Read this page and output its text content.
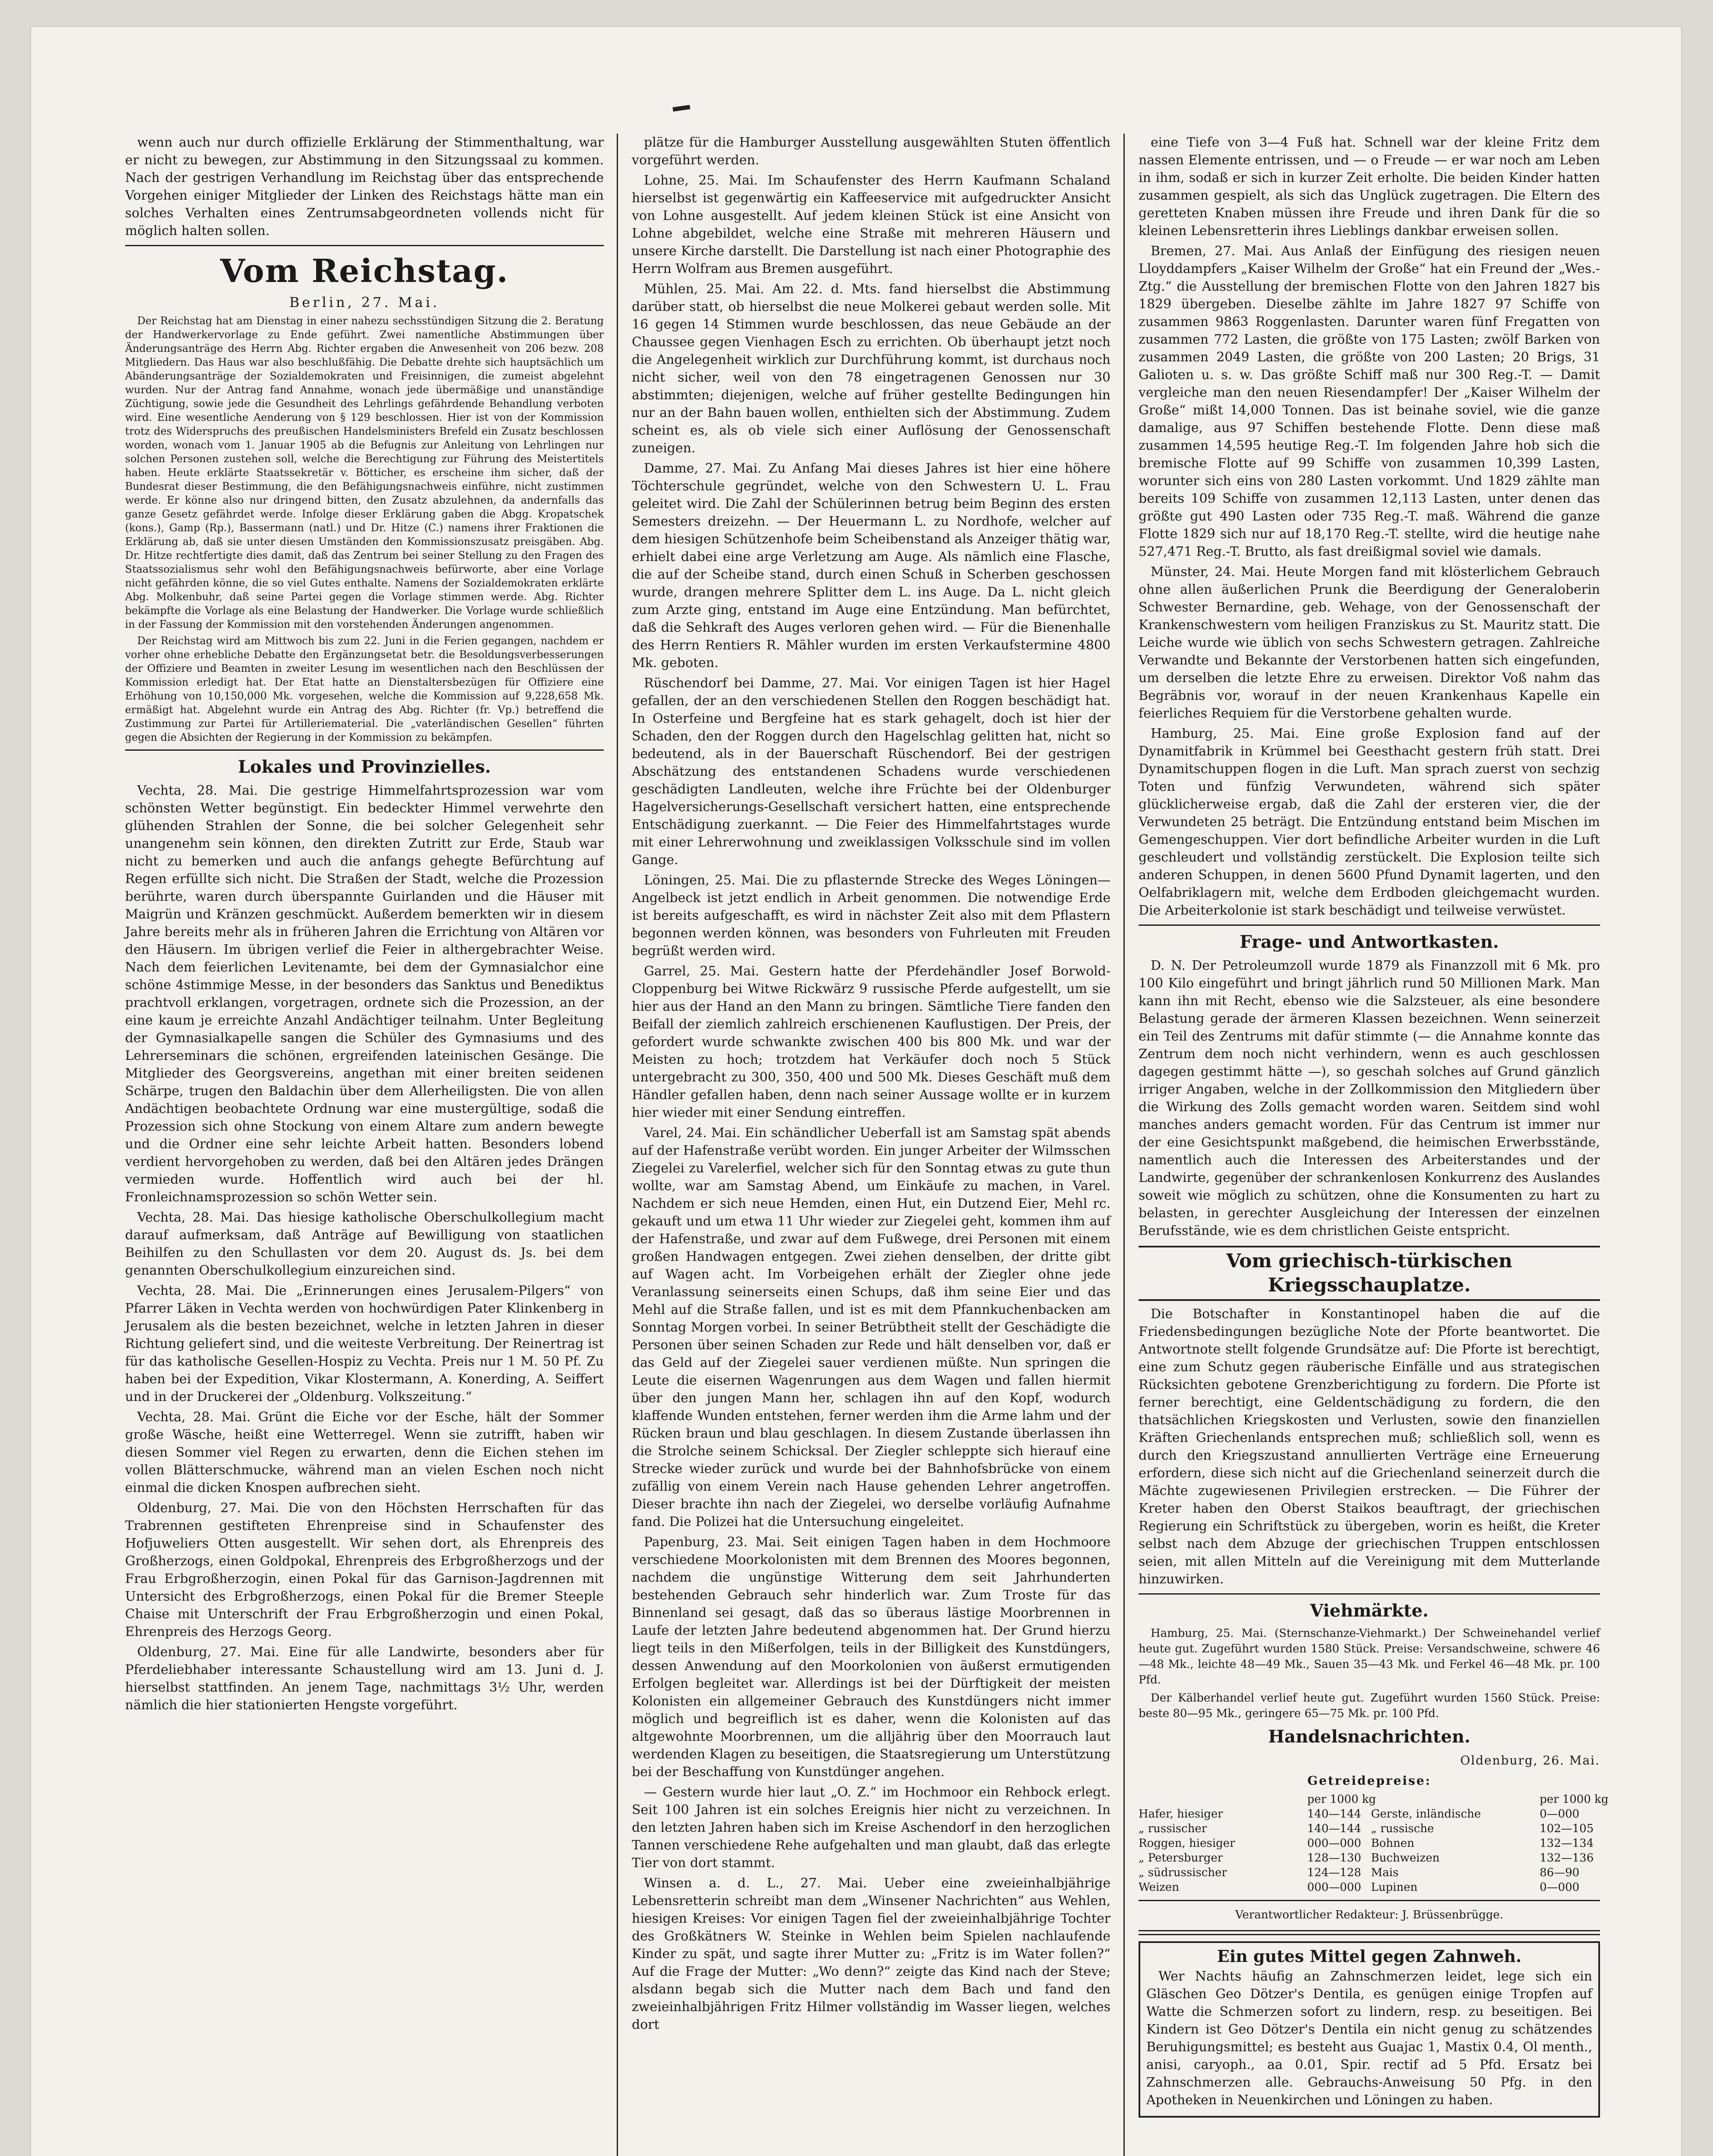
wenn auch nur durch offizielle Erklärung der Stimmenthaltung, war er nicht zu bewegen, zur Abstimmung in den Sitzungssaal zu kommen. Nach der gestrigen Verhandlung im Reichstag über das entsprechende Vorgehen einiger Mitglieder der Linken des Reichstags hätte man ein solches Verhalten eines Zentrumsabgeordneten vollends nicht für möglich halten sollen.

Vom Reichstag.

Berlin, 27. Mai.

Der Reichstag hat am Dienstag in einer nahezu sechsstündigen Sitzung die 2. Beratung der Handwerkervorlage zu Ende geführt. Zwei namentliche Abstimmungen über Änderungsanträge des Herrn Abg. Richter ergaben die Anwesenheit von 206 bezw. 208 Mitgliedern. Das Haus war also beschlußfähig. Die Debatte drehte sich hauptsächlich um Abänderungsanträge der Sozialdemokraten und Freisinnigen, die zumeist abgelehnt wurden. Nur der Antrag fand Annahme, wonach jede übermäßige und unanständige Züchtigung, sowie jede die Gesundheit des Lehrlings gefährdende Behandlung verboten wird. Eine wesentliche Aenderung von § 129 beschlossen. Hier ist von der Kommission trotz des Widerspruchs des preußischen Handelsministers Brefeld ein Zusatz beschlossen worden, wonach vom 1. Januar 1905 ab die Befugnis zur Anleitung von Lehrlingen nur solchen Personen zustehen soll, welche die Berechtigung zur Führung des Meistertitels haben. Heute erklärte Staatssekretär v. Bötticher, es erscheine ihm sicher, daß der Bundesrat dieser Bestimmung, die den Befähigungsnachweis einführe, nicht zustimmen werde. Er könne also nur dringend bitten, den Zusatz abzulehnen, da andernfalls das ganze Gesetz gefährdet werde. Infolge dieser Erklärung gaben die Abgg. Kropatschek (kons.), Gamp (Rp.), Bassermann (natl.) und Dr. Hitze (C.) namens ihrer Fraktionen die Erklärung ab, daß sie unter diesen Umständen den Kommissionszusatz preisgäben. Abg. Dr. Hitze rechtfertigte dies damit, daß das Zentrum bei seiner Stellung zu den Fragen des Staatssozialismus sehr wohl den Befähigungsnachweis befürworte, aber eine Vorlage nicht gefährden könne, die so viel Gutes enthalte. Namens der Sozialdemokraten erklärte Abg. Molkenbuhr, daß seine Partei gegen die Vorlage stimmen werde. Abg. Richter bekämpfte die Vorlage als eine Belastung der Handwerker. Die Vorlage wurde schließlich in der Fassung der Kommission mit den vorstehenden Änderungen angenommen.

Der Reichstag wird am Mittwoch bis zum 22. Juni in die Ferien gegangen, nachdem er vorher ohne erhebliche Debatte den Ergänzungsetat betr. die Besoldungsverbesserungen der Offiziere und Beamten in zweiter Lesung im wesentlichen nach den Beschlüssen der Kommission erledigt hat. Der Etat hatte an Dienstaltersbezügen für Offiziere eine Erhöhung von 10,150,000 Mk. vorgesehen, welche die Kommission auf 9,228,658 Mk. ermäßigt hat. Abgelehnt wurde ein Antrag des Abg. Richter (fr. Vp.) betreffend die Zustimmung zur Partei für Artilleriematerial. Die „vaterländischen Gesellen“ führten gegen die Absichten der Regierung in der Kommission zu bekämpfen.

Lokales und Provinzielles.

Vechta, 28. Mai. Die gestrige Himmelfahrtsprozession war vom schönsten Wetter begünstigt. Ein bedeckter Himmel verwehrte den glühenden Strahlen der Sonne, die bei solcher Gelegenheit sehr unangenehm sein können, den direkten Zutritt zur Erde, Staub war nicht zu bemerken und auch die anfangs gehegte Befürchtung auf Regen erfüllte sich nicht. Die Straßen der Stadt, welche die Prozession berührte, waren durch überspannte Guirlanden und die Häuser mit Maigrün und Kränzen geschmückt. Außerdem bemerkten wir in diesem Jahre bereits mehr als in früheren Jahren die Errichtung von Altären vor den Häusern. Im übrigen verlief die Feier in althergebrachter Weise. Nach dem feierlichen Levitenamte, bei dem der Gymnasialchor eine schöne 4stimmige Messe, in der besonders das Sanktus und Benediktus prachtvoll erklangen, vorgetragen, ordnete sich die Prozession, an der eine kaum je erreichte Anzahl Andächtiger teilnahm. Unter Begleitung der Gymnasialkapelle sangen die Schüler des Gymnasiums und des Lehrerseminars die schönen, ergreifenden lateinischen Gesänge. Die Mitglieder des Georgsvereins, angethan mit einer breiten seidenen Schärpe, trugen den Baldachin über dem Allerheiligsten. Die von allen Andächtigen beobachtete Ordnung war eine mustergültige, sodaß die Prozession sich ohne Stockung von einem Altare zum andern bewegte und die Ordner eine sehr leichte Arbeit hatten. Besonders lobend verdient hervorgehoben zu werden, daß bei den Altären jedes Drängen vermieden wurde. Hoffentlich wird auch bei der hl. Fronleichnamsprozession so schön Wetter sein.

Vechta, 28. Mai. Das hiesige katholische Oberschulkollegium macht darauf aufmerksam, daß Anträge auf Bewilligung von staatlichen Beihilfen zu den Schullasten vor dem 20. August ds. Js. bei dem genannten Oberschulkollegium einzureichen sind.

Vechta, 28. Mai. Die „Erinnerungen eines Jerusalem-Pilgers“ von Pfarrer Läken in Vechta werden von hochwürdigen Pater Klinkenberg in Jerusalem als die besten bezeichnet, welche in letzten Jahren in dieser Richtung geliefert sind, und die weiteste Verbreitung. Der Reinertrag ist für das katholische Gesellen-Hospiz zu Vechta. Preis nur 1 M. 50 Pf. Zu haben bei der Expedition, Vikar Klostermann, A. Konerding, A. Seiffert und in der Druckerei der „Oldenburg. Volkszeitung.“

Vechta, 28. Mai. Grünt die Eiche vor der Esche, hält der Sommer große Wäsche, heißt eine Wetterregel. Wenn sie zutrifft, haben wir diesen Sommer viel Regen zu erwarten, denn die Eichen stehen im vollen Blätterschmucke, während man an vielen Eschen noch nicht einmal die dicken Knospen aufbrechen sieht.

Oldenburg, 27. Mai. Die von den Höchsten Herrschaften für das Trabrennen gestifteten Ehrenpreise sind in Schaufenster des Hofjuweliers Otten ausgestellt. Wir sehen dort, als Ehrenpreis des Großherzogs, einen Goldpokal, Ehrenpreis des Erbgroßherzogs und der Frau Erbgroßherzogin, einen Pokal für das Garnison-Jagdrennen mit Untersicht des Erbgroßherzogs, einen Pokal für die Bremer Steeple Chaise mit Unterschrift der Frau Erbgroßherzogin und einen Pokal, Ehrenpreis des Herzogs Georg.

Oldenburg, 27. Mai. Eine für alle Landwirte, besonders aber für Pferdeliebhaber interessante Schaustellung wird am 13. Juni d. J. hierselbst stattfinden. An jenem Tage, nachmittags 3½ Uhr, werden nämlich die hier stationierten Hengste vorgeführt.

plätze für die Hamburger Ausstellung ausgewählten Stuten öffentlich vorgeführt werden.

Lohne, 25. Mai. Im Schaufenster des Herrn Kaufmann Schaland hierselbst ist gegenwärtig ein Kaffeeservice mit aufgedruckter Ansicht von Lohne ausgestellt. Auf jedem kleinen Stück ist eine Ansicht von Lohne abgebildet, welche eine Straße mit mehreren Häusern und unsere Kirche darstellt. Die Darstellung ist nach einer Photographie des Herrn Wolfram aus Bremen ausgeführt.

Mühlen, 25. Mai. Am 22. d. Mts. fand hierselbst die Abstimmung darüber statt, ob hierselbst die neue Molkerei gebaut werden solle. Mit 16 gegen 14 Stimmen wurde beschlossen, das neue Gebäude an der Chaussee gegen Vienhagen Esch zu errichten. Ob überhaupt jetzt noch die Angelegenheit wirklich zur Durchführung kommt, ist durchaus noch nicht sicher, weil von den 78 eingetragenen Genossen nur 30 abstimmten; diejenigen, welche auf früher gestellte Bedingungen hin nur an der Bahn bauen wollen, enthielten sich der Abstimmung. Zudem scheint es, als ob viele sich einer Auflösung der Genossenschaft zuneigen.

Damme, 27. Mai. Zu Anfang Mai dieses Jahres ist hier eine höhere Töchterschule gegründet, welche von den Schwestern U. L. Frau geleitet wird. Die Zahl der Schülerinnen betrug beim Beginn des ersten Semesters dreizehn. — Der Heuermann L. zu Nordhofe, welcher auf dem hiesigen Schützenhofe beim Scheibenstand als Anzeiger thätig war, erhielt dabei eine arge Verletzung am Auge. Als nämlich eine Flasche, die auf der Scheibe stand, durch einen Schuß in Scherben geschossen wurde, drangen mehrere Splitter dem L. ins Auge. Da L. nicht gleich zum Arzte ging, entstand im Auge eine Entzündung. Man befürchtet, daß die Sehkraft des Auges verloren gehen wird. — Für die Bienenhalle des Herrn Rentiers R. Mähler wurden im ersten Verkaufstermine 4800 Mk. geboten.

Rüschendorf bei Damme, 27. Mai. Vor einigen Tagen ist hier Hagel gefallen, der an den verschiedenen Stellen den Roggen beschädigt hat. In Osterfeine und Bergfeine hat es stark gehagelt, doch ist hier der Schaden, den der Roggen durch den Hagelschlag gelitten hat, nicht so bedeutend, als in der Bauerschaft Rüschendorf. Bei der gestrigen Abschätzung des entstandenen Schadens wurde verschiedenen geschädigten Landleuten, welche ihre Früchte bei der Oldenburger Hagelversicherungs-Gesellschaft versichert hatten, eine entsprechende Entschädigung zuerkannt. — Die Feier des Himmelfahrtstages wurde mit einer Lehrerwohnung und zweiklassigen Volksschule sind im vollen Gange.

Löningen, 25. Mai. Die zu pflasternde Strecke des Weges Löningen—Angelbeck ist jetzt endlich in Arbeit genommen. Die notwendige Erde ist bereits aufgeschafft, es wird in nächster Zeit also mit dem Pflastern begonnen werden können, was besonders von Fuhrleuten mit Freuden begrüßt werden wird.

Garrel, 25. Mai. Gestern hatte der Pferdehändler Josef Borwold-Cloppenburg bei Witwe Rickwärz 9 russische Pferde aufgestellt, um sie hier aus der Hand an den Mann zu bringen. Sämtliche Tiere fanden den Beifall der ziemlich zahlreich erschienenen Kauflustigen. Der Preis, der gefordert wurde schwankte zwischen 400 bis 800 Mk. und war der Meisten zu hoch; trotzdem hat Verkäufer doch noch 5 Stück untergebracht zu 300, 350, 400 und 500 Mk. Dieses Geschäft muß dem Händler gefallen haben, denn nach seiner Aussage wollte er in kurzem hier wieder mit einer Sendung eintreffen.

Varel, 24. Mai. Ein schändlicher Ueberfall ist am Samstag spät abends auf der Hafenstraße verübt worden. Ein junger Arbeiter der Wilmsschen Ziegelei zu Varelerfiel, welcher sich für den Sonntag etwas zu gute thun wollte, war am Samstag Abend, um Einkäufe zu machen, in Varel. Nachdem er sich neue Hemden, einen Hut, ein Dutzend Eier, Mehl rc. gekauft und um etwa 11 Uhr wieder zur Ziegelei geht, kommen ihm auf der Hafenstraße, und zwar auf dem Fußwege, drei Personen mit einem großen Handwagen entgegen. Zwei ziehen denselben, der dritte gibt auf Wagen acht. Im Vorbeigehen erhält der Ziegler ohne jede Veranlassung seinerseits einen Schups, daß ihm seine Eier und das Mehl auf die Straße fallen, und ist es mit dem Pfannkuchenbacken am Sonntag Morgen vorbei. In seiner Betrübtheit stellt der Geschädigte die Personen über seinen Schaden zur Rede und hält denselben vor, daß er das Geld auf der Ziegelei sauer verdienen müßte. Nun springen die Leute die eisernen Wagenrungen aus dem Wagen und fallen hiermit über den jungen Mann her, schlagen ihn auf den Kopf, wodurch klaffende Wunden entstehen, ferner werden ihm die Arme lahm und der Rücken braun und blau geschlagen. In diesem Zustande überlassen ihn die Strolche seinem Schicksal. Der Ziegler schleppte sich hierauf eine Strecke wieder zurück und wurde bei der Bahnhofsbrücke von einem zufällig von einem Verein nach Hause gehenden Lehrer angetroffen. Dieser brachte ihn nach der Ziegelei, wo derselbe vorläufig Aufnahme fand. Die Polizei hat die Untersuchung eingeleitet.

Papenburg, 23. Mai. Seit einigen Tagen haben in dem Hochmoore verschiedene Moorkolonisten mit dem Brennen des Moores begonnen, nachdem die ungünstige Witterung dem seit Jahrhunderten bestehenden Gebrauch sehr hinderlich war. Zum Troste für das Binnenland sei gesagt, daß das so überaus lästige Moorbrennen in Laufe der letzten Jahre bedeutend abgenommen hat. Der Grund hierzu liegt teils in den Mißerfolgen, teils in der Billigkeit des Kunstdüngers, dessen Anwendung auf den Moorkolonien von äußerst ermutigenden Erfolgen begleitet war. Allerdings ist bei der Dürftigkeit der meisten Kolonisten ein allgemeiner Gebrauch des Kunstdüngers nicht immer möglich und begreiflich ist es daher, wenn die Kolonisten auf das altgewohnte Moorbrennen, um die alljährig über den Moorrauch laut werdenden Klagen zu beseitigen, die Staatsregierung um Unterstützung bei der Beschaffung von Kunstdünger angehen.

— Gestern wurde hier laut „O. Z.“ im Hochmoor ein Rehbock erlegt. Seit 100 Jahren ist ein solches Ereignis hier nicht zu verzeichnen. In den letzten Jahren haben sich im Kreise Aschendorf in den herzoglichen Tannen verschiedene Rehe aufgehalten und man glaubt, daß das erlegte Tier von dort stammt.

Winsen a. d. L., 27. Mai. Ueber eine zweieinhalbjährige Lebensretterin schreibt man dem „Winsener Nachrichten“ aus Wehlen, hiesigen Kreises: Vor einigen Tagen fiel der zweieinhalbjährige Tochter des Großkätners W. Steinke in Wehlen beim Spielen nachlaufende Kinder zu spät, und sagte ihrer Mutter zu: „Fritz is im Water follen?“ Auf die Frage der Mutter: „Wo denn?“ zeigte das Kind nach der Steve; alsdann begab sich die Mutter nach dem Bach und fand den zweieinhalbjährigen Fritz Hilmer vollständig im Wasser liegen, welches dort

eine Tiefe von 3—4 Fuß hat. Schnell war der kleine Fritz dem nassen Elemente entrissen, und — o Freude — er war noch am Leben in ihm, sodaß er sich in kurzer Zeit erholte. Die beiden Kinder hatten zusammen gespielt, als sich das Unglück zugetragen. Die Eltern des geretteten Knaben müssen ihre Freude und ihren Dank für die so kleinen Lebensretterin ihres Lieblings dankbar erweisen sollen.

Bremen, 27. Mai. Aus Anlaß der Einfügung des riesigen neuen Lloyddampfers „Kaiser Wilhelm der Große“ hat ein Freund der „Wes.-Ztg.“ die Ausstellung der bremischen Flotte von den Jahren 1827 bis 1829 übergeben. Dieselbe zählte im Jahre 1827 97 Schiffe von zusammen 9863 Roggenlasten. Darunter waren fünf Fregatten von zusammen 772 Lasten, die größte von 175 Lasten; zwölf Barken von zusammen 2049 Lasten, die größte von 200 Lasten; 20 Brigs, 31 Galioten u. s. w. Das größte Schiff maß nur 300 Reg.-T. — Damit vergleiche man den neuen Riesendampfer! Der „Kaiser Wilhelm der Große“ mißt 14,000 Tonnen. Das ist beinahe soviel, wie die ganze damalige, aus 97 Schiffen bestehende Flotte. Denn diese maß zusammen 14,595 heutige Reg.-T. Im folgenden Jahre hob sich die bremische Flotte auf 99 Schiffe von zusammen 10,399 Lasten, worunter sich eins von 280 Lasten vorkommt. Und 1829 zählte man bereits 109 Schiffe von zusammen 12,113 Lasten, unter denen das größte gut 490 Lasten oder 735 Reg.-T. maß. Während die ganze Flotte 1829 sich nur auf 18,170 Reg.-T. stellte, wird die heutige nahe 527,471 Reg.-T. Brutto, als fast dreißigmal soviel wie damals.

Münster, 24. Mai. Heute Morgen fand mit klösterlichem Gebrauch ohne allen äußerlichen Prunk die Beerdigung der Generaloberin Schwester Bernardine, geb. Wehage, von der Genossenschaft der Krankenschwestern vom heiligen Franziskus zu St. Mauritz statt. Die Leiche wurde wie üblich von sechs Schwestern getragen. Zahlreiche Verwandte und Bekannte der Verstorbenen hatten sich eingefunden, um derselben die letzte Ehre zu erweisen. Direktor Voß nahm das Begräbnis vor, worauf in der neuen Krankenhaus Kapelle ein feierliches Requiem für die Verstorbene gehalten wurde.

Hamburg, 25. Mai. Eine große Explosion fand auf der Dynamitfabrik in Krümmel bei Geesthacht gestern früh statt. Drei Dynamitschuppen flogen in die Luft. Man sprach zuerst von sechzig Toten und fünfzig Verwundeten, während sich später glücklicherweise ergab, daß die Zahl der ersteren vier, die der Verwundeten 25 beträgt. Die Entzündung entstand beim Mischen im Gemengeschuppen. Vier dort befindliche Arbeiter wurden in die Luft geschleudert und vollständig zerstückelt. Die Explosion teilte sich anderen Schuppen, in denen 5600 Pfund Dynamit lagerten, und den Oelfabriklagern mit, welche dem Erdboden gleichgemacht wurden. Die Arbeiterkolonie ist stark beschädigt und teilweise verwüstet.

Frage- und Antwortkasten.

D. N. Der Petroleumzoll wurde 1879 als Finanzzoll mit 6 Mk. pro 100 Kilo eingeführt und bringt jährlich rund 50 Millionen Mark. Man kann ihn mit Recht, ebenso wie die Salzsteuer, als eine besondere Belastung gerade der ärmeren Klassen bezeichnen. Wenn seinerzeit ein Teil des Zentrums mit dafür stimmte (— die Annahme konnte das Zentrum dem noch nicht verhindern, wenn es auch geschlossen dagegen gestimmt hätte —), so geschah solches auf Grund gänzlich irriger Angaben, welche in der Zollkommission den Mitgliedern über die Wirkung des Zolls gemacht worden waren. Seitdem sind wohl manches anders gemacht worden. Für das Centrum ist immer nur der eine Gesichtspunkt maßgebend, die heimischen Erwerbsstände, namentlich auch die Interessen des Arbeiterstandes und der Landwirte, gegenüber der schrankenlosen Konkurrenz des Auslandes soweit wie möglich zu schützen, ohne die Konsumenten zu hart zu belasten, in gerechter Ausgleichung der Interessen der einzelnen Berufsstände, wie es dem christlichen Geiste entspricht.

Vom griechisch-türkischen Kriegsschauplatze.

Die Botschafter in Konstantinopel haben die auf die Friedensbedingungen bezügliche Note der Pforte beantwortet. Die Antwortnote stellt folgende Grundsätze auf: Die Pforte ist berechtigt, eine zum Schutz gegen räuberische Einfälle und aus strategischen Rücksichten gebotene Grenzberichtigung zu fordern. Die Pforte ist ferner berechtigt, eine Geldentschädigung zu fordern, die den thatsächlichen Kriegskosten und Verlusten, sowie den finanziellen Kräften Griechenlands entsprechen muß; schließlich soll, wenn es durch den Kriegszustand annullierten Verträge eine Erneuerung erfordern, diese sich nicht auf die Griechenland seinerzeit durch die Mächte zugewiesenen Privilegien erstrecken. — Die Führer der Kreter haben den Oberst Staikos beauftragt, der griechischen Regierung ein Schriftstück zu übergeben, worin es heißt, die Kreter selbst nach dem Abzuge der griechischen Truppen entschlossen seien, mit allen Mitteln auf die Vereinigung mit dem Mutterlande hinzuwirken.

Viehmärkte.

Hamburg, 25. Mai. (Sternschanze-Viehmarkt.) Der Schweinehandel verlief heute gut. Zugeführt wurden 1580 Stück. Preise: Versandschweine, schwere 46—48 Mk., leichte 48—49 Mk., Sauen 35—43 Mk. und Ferkel 46—48 Mk. pr. 100 Pfd.

Der Kälberhandel verlief heute gut. Zugeführt wurden 1560 Stück. Preise: beste 80—95 Mk., geringere 65—75 Mk. pr. 100 Pfd.

Handelsnachrichten.

Oldenburg, 26. Mai.

Getreidepreise:

per 1000 kg	per 1000 kg
Hafer, hiesiger	140—144 Gerste, inländische	0—000
„ russischer	140—144 „ russische	102—105
Roggen, hiesiger	000—000 Bohnen	132—134
„ Petersburger	128—130 Buchweizen	132—136
„ südrussischer	124—128 Mais	86—90
Weizen	000—000 Lupinen	0—000

Verantwortlicher Redakteur: J. Brüssenbrügge.

Ein gutes Mittel gegen Zahnweh.

Wer Nachts häufig an Zahnschmerzen leidet, lege sich ein Gläschen Geo Dötzer's Dentila, es genügen einige Tropfen auf Watte die Schmerzen sofort zu lindern, resp. zu beseitigen. Bei Kindern ist Geo Dötzer's Dentila ein nicht genug zu schätzendes Beruhigungsmittel; es besteht aus Guajac 1, Mastix 0.4, Ol menth., anisi, caryoph., aa 0.01, Spir. rectif ad 5 Pfd. Ersatz bei Zahnschmerzen alle. Gebrauchs-Anweisung 50 Pfg. in den Apotheken in Neuenkirchen und Löningen zu haben.
